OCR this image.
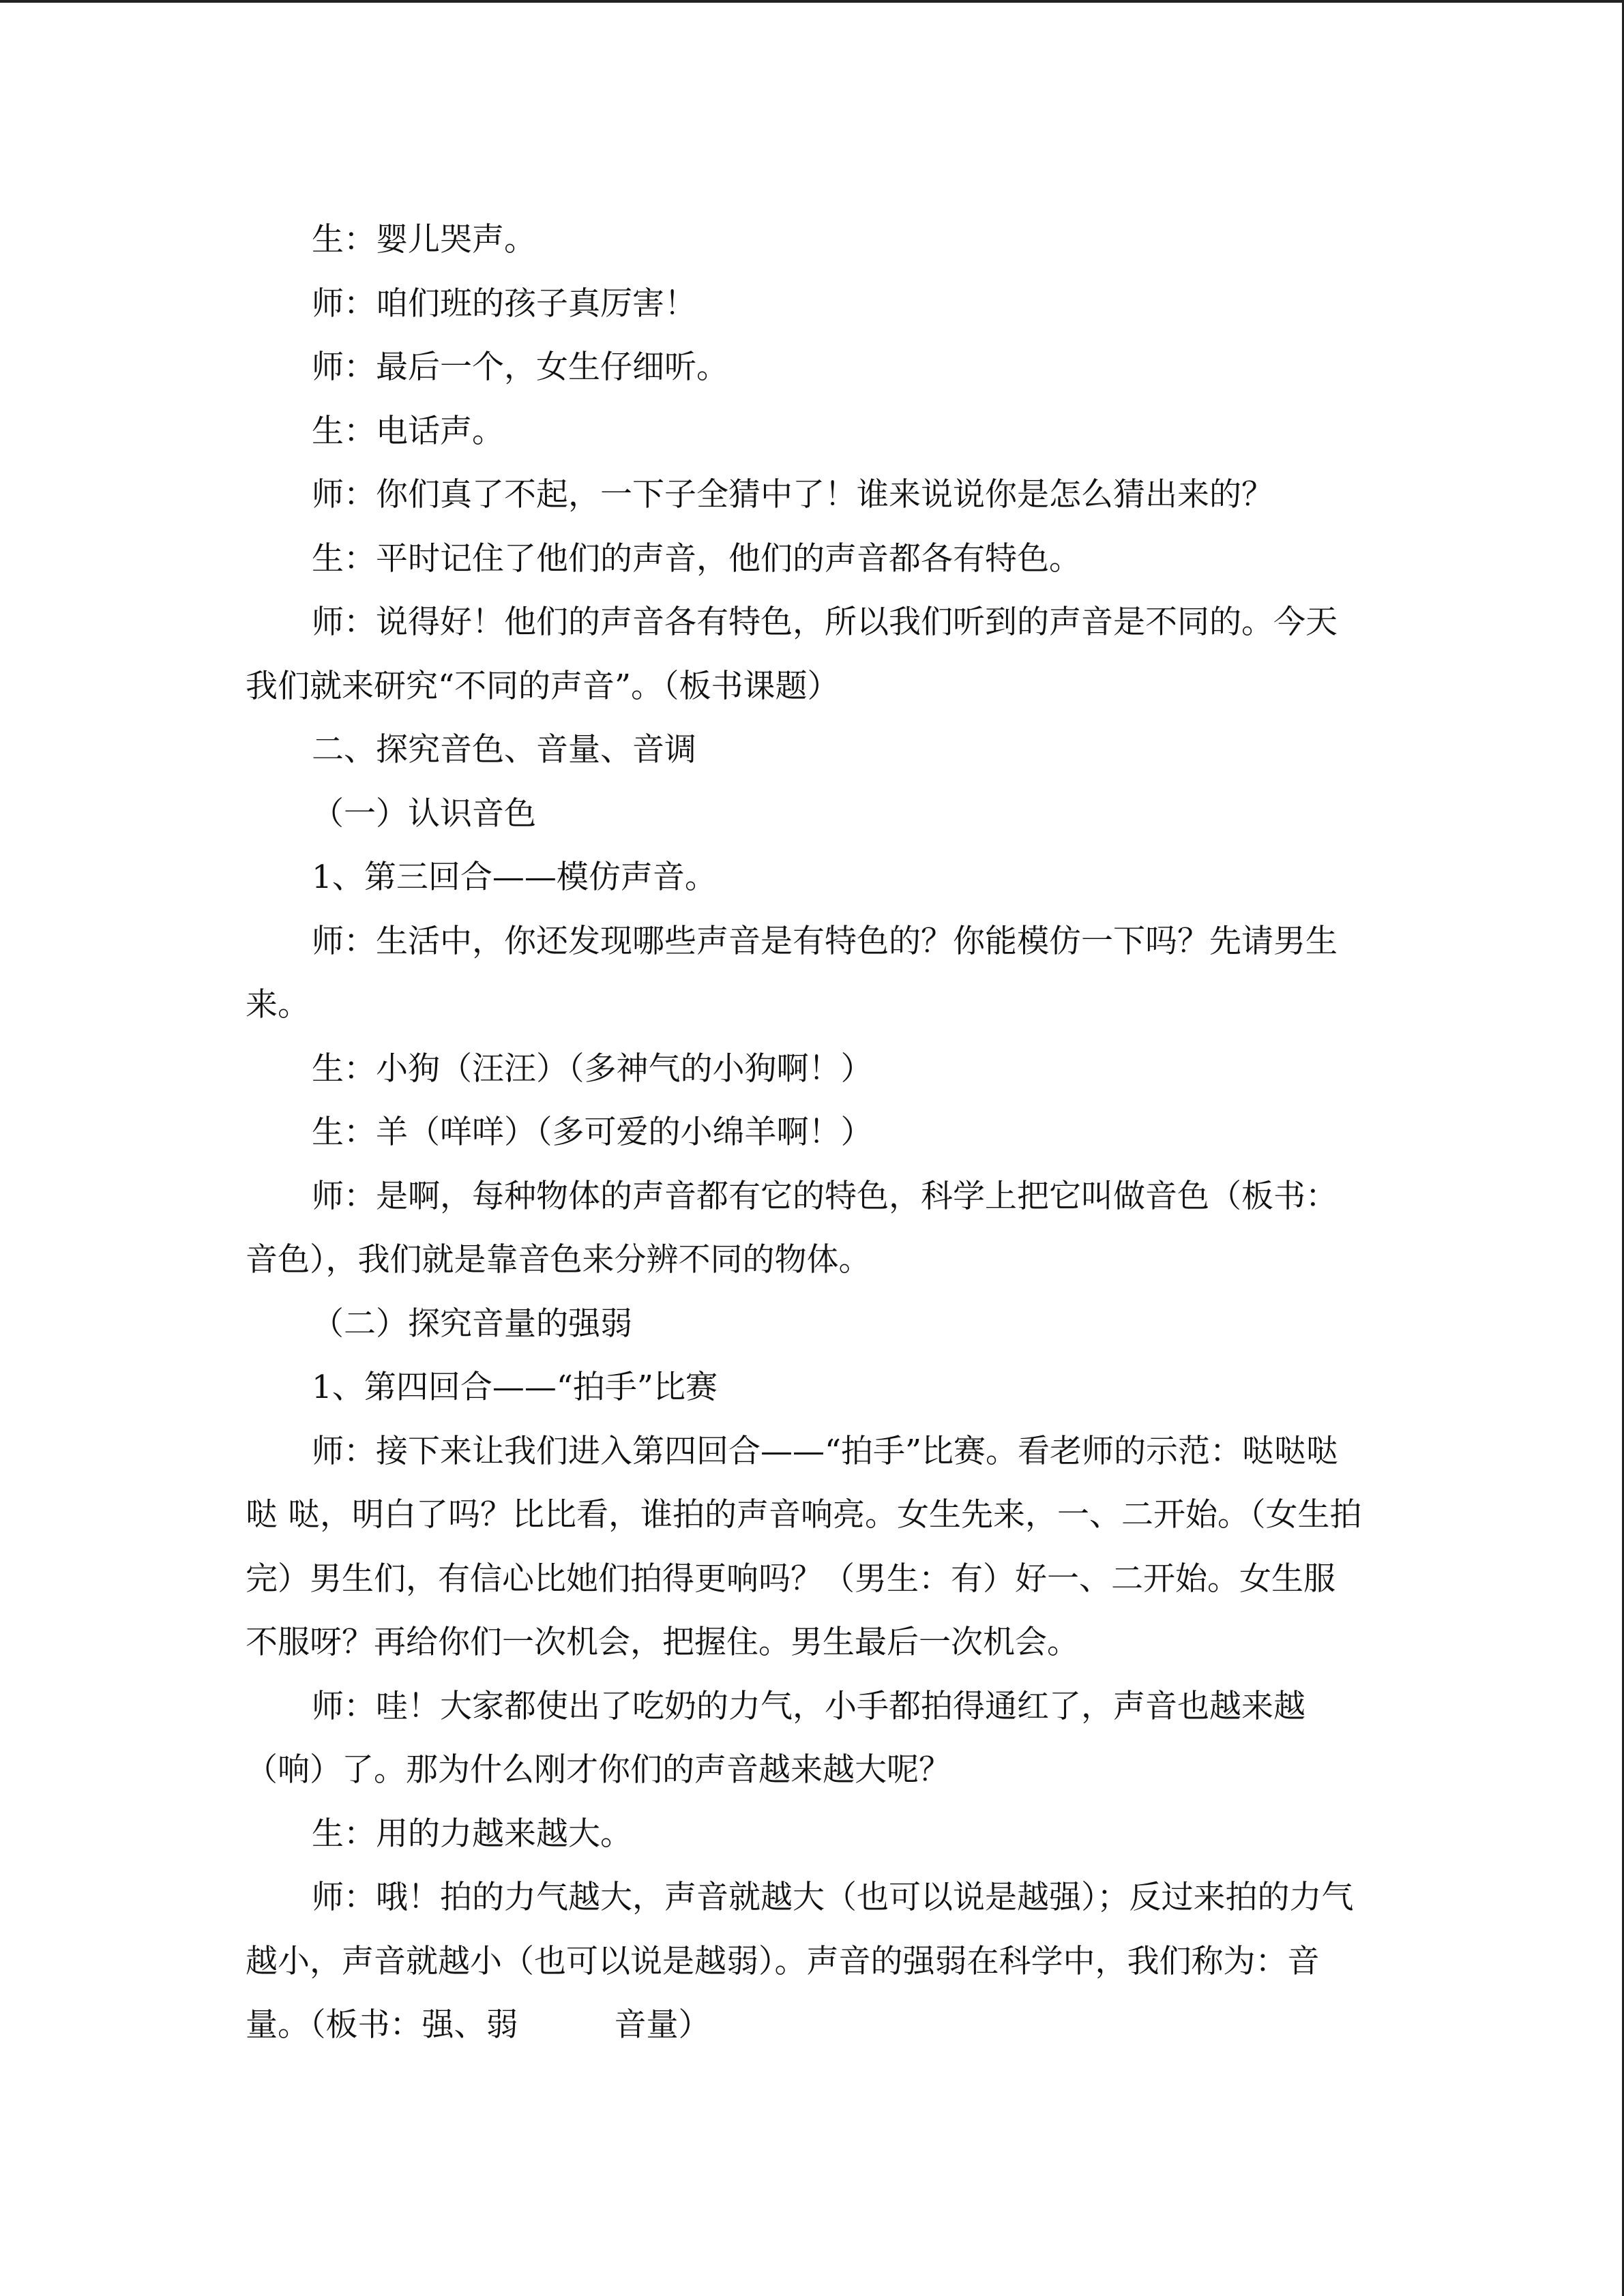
生：婴儿哭声。

师：咱们班的孩子真厉害！

师：最后一个，女生仔细听。

生：电话声。

师：你们真了不起，一下子全猜中了！谁来说说你是怎么猜出来的？

生：平时记住了他们的声音，他们的声音都各有特色。

师：说得好！他们的声音各有特色，所以我们听到的声音是不同的。今天我们就来研究“不同的声音”。（板书课题）

二、探究音色、音量、音调

（一）认识音色

1、第三回合——模仿声音。

师：生活中，你还发现哪些声音是有特色的？你能模仿一下吗？先请男生来。

生：小狗（汪汪）（多神气的小狗啊！）

生：羊（咩咩）（多可爱的小绵羊啊！）

师：是啊，每种物体的声音都有它的特色，科学上把它叫做音色（板书：音色），我们就是靠音色来分辨不同的物体。

（二）探究音量的强弱

1、第四回合——“拍手”比赛

师：接下来让我们进入第四回合——“拍手”比赛。看老师的示范：哒哒哒哒 哒，明白了吗？比比看，谁拍的声音响亮。女生先来，一、二开始。（女生拍完）男生们，有信心比她们拍得更响吗？（男生：有）好一、二开始。女生服不服呀？再给你们一次机会，把握住。男生最后一次机会。

师：哇！大家都使出了吃奶的力气，小手都拍得通红了，声音也越来越（响）了。那为什么刚才你们的声音越来越大呢？

生：用的力越来越大。

师：哦！拍的力气越大，声音就越大（也可以说是越强）；反过来拍的力气越小，声音就越小（也可以说是越弱）。声音的强弱在科学中，我们称为：音量。（板书：强、弱　　　音量）
